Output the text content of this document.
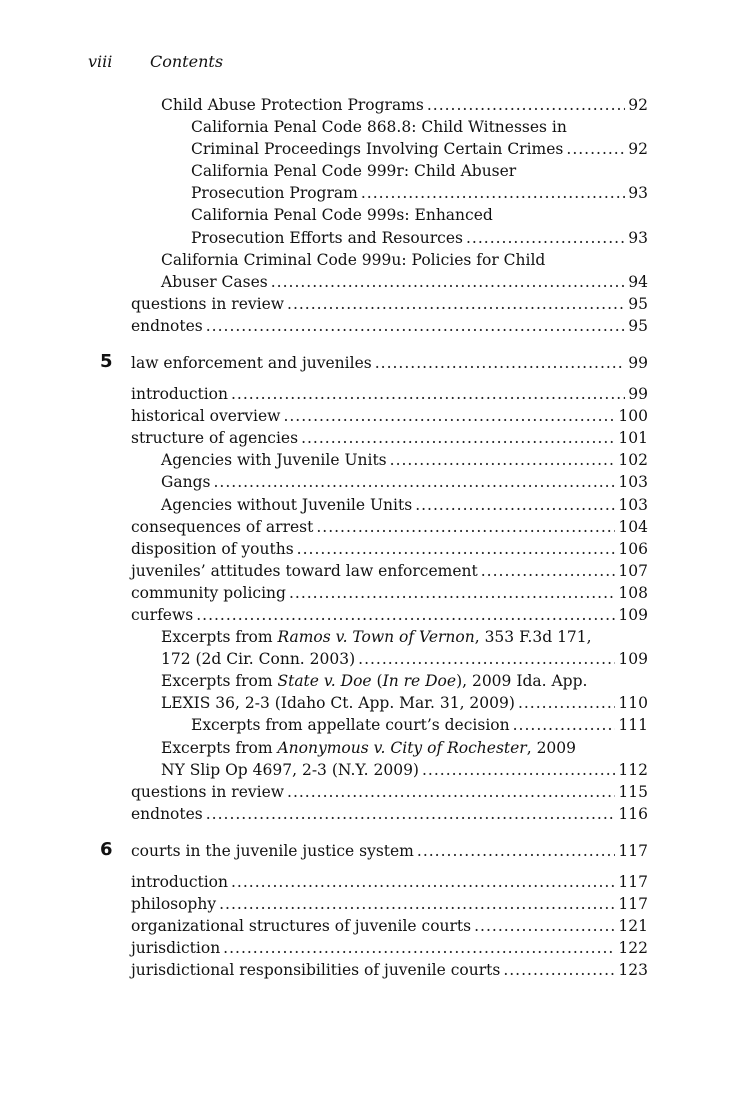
viii Contents
Child Abuse Protection Programs .....	92
California Penal Code 868.8: Child Witnesses in
Criminal Proceedings Involving Certain Crimes .....	92
California Penal Code 999r: Child Abuser
Prosecution Program .....	93
California Penal Code 999s: Enhanced
Prosecution Efforts and Resources .....	93
California Criminal Code 999u: Policies for Child
Abuser Cases .....	94
questions in review .....	95
endnotes .....	95
5 law enforcement and juveniles .....	99
introduction .....	99
historical overview .....	100
structure of agencies .....	101
Agencies with Juvenile Units .....	102
Gangs .....	103
Agencies without Juvenile Units .....	103
consequences of arrest .....	104
disposition of youths .....	106
juveniles’ attitudes toward law enforcement .....	107
community policing .....	108
curfews .....	109
Excerpts from Ramos v. Town of Vernon, 353 F.3d 171,
172 (2d Cir. Conn. 2003) .....	109
Excerpts from State v. Doe (In re Doe), 2009 Ida. App.
LEXIS 36, 2-3 (Idaho Ct. App. Mar. 31, 2009) .....	110
Excerpts from appellate court’s decision .....	111
Excerpts from Anonymous v. City of Rochester, 2009
NY Slip Op 4697, 2-3 (N.Y. 2009) .....	112
questions in review .....	115
endnotes .....	116
6 courts in the juvenile justice system .....	117
introduction .....	117
philosophy .....	117
organizational structures of juvenile courts .....	121
jurisdiction .....	122
jurisdictional responsibilities of juvenile courts .....	123
